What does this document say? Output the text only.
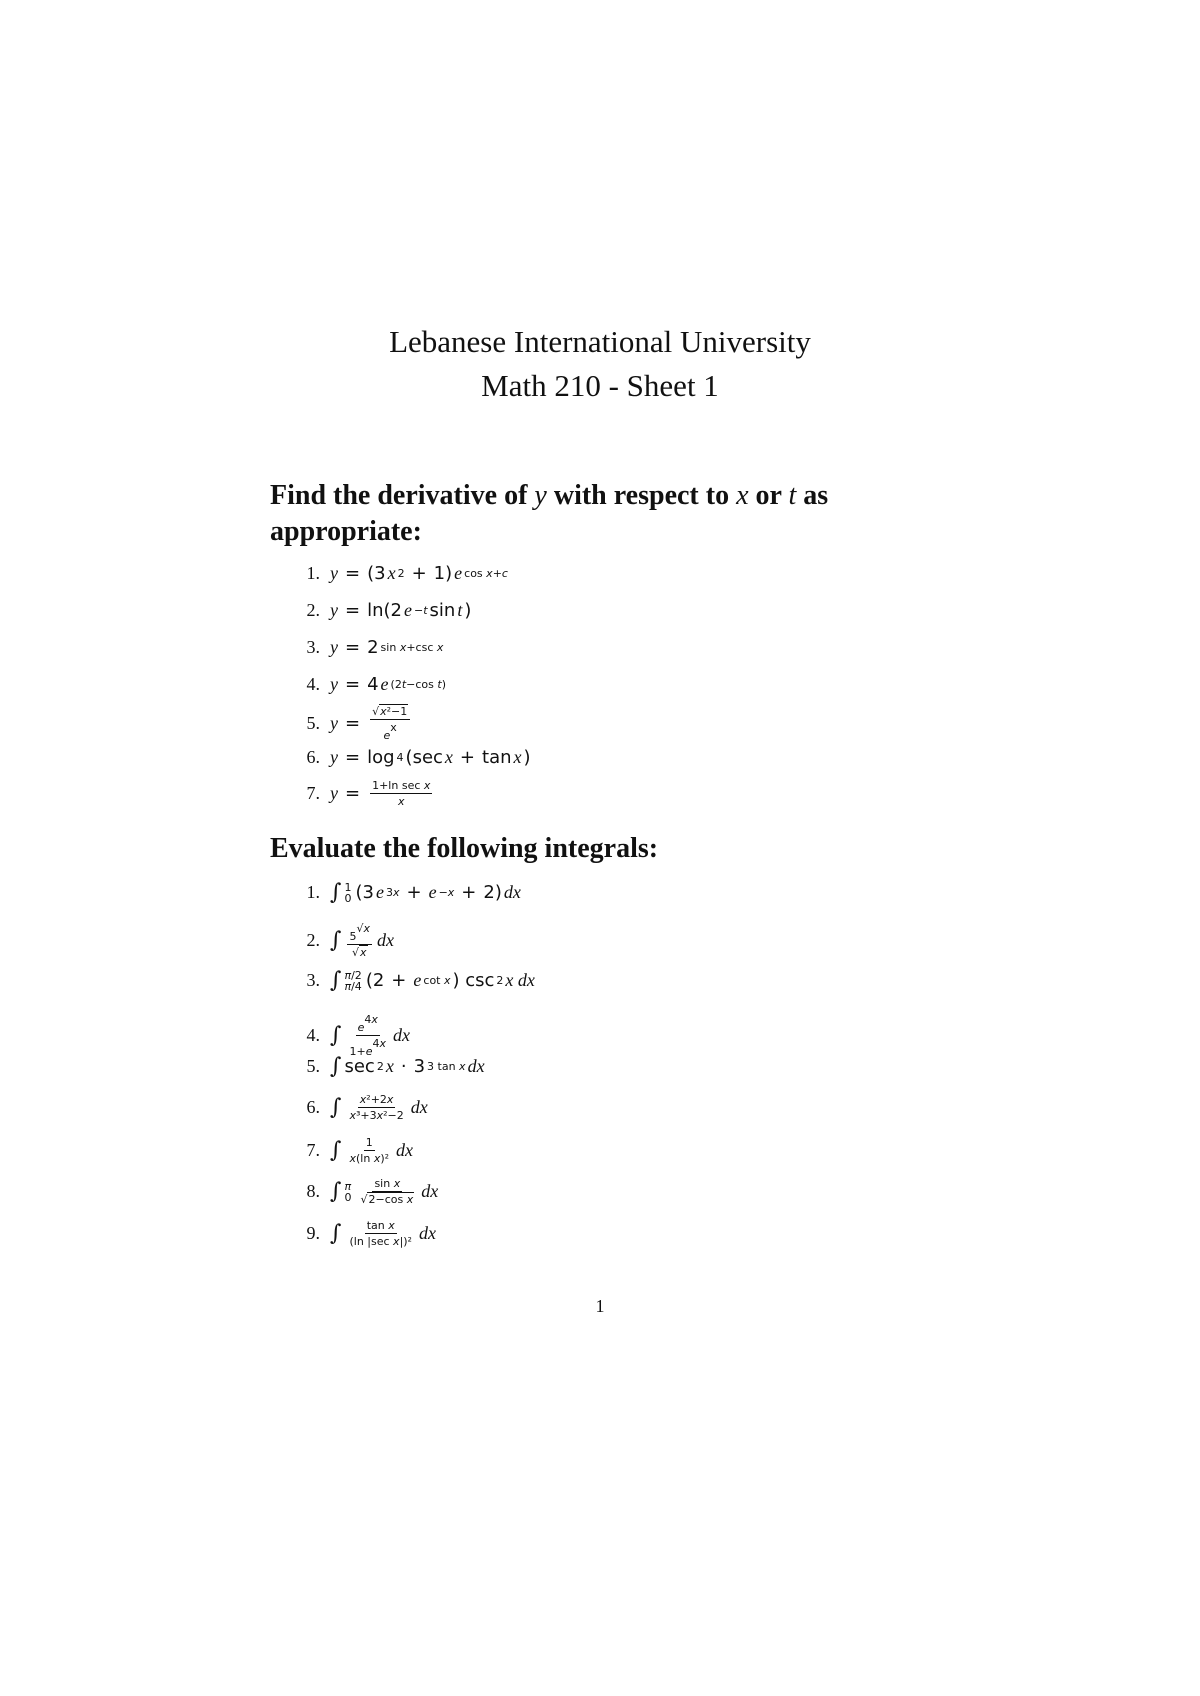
Lebanese International University
Math 210 - Sheet 1
Find the derivative of y with respect to x or t as appropriate:
1. y = (3 x 2 + 1) e cos x+c
2. y = ln(2 e −t sin t )
3. y = 2 sin x+csc x
4. y = 4 e (2t−cos t)
5. $y = \frac{\text{√x²−1}}{e^x}$
6. y = log 4 (sec x + tan x )
7. $y = \frac{\text{1+ln sec x}}{x}$
Evaluate the following integrals:
1. ∫ 1
0 (3 e 3x + e −x + 2) dx
2. ∫ $\frac{5^{√x}}{√x}$ dx
3. ∫ π/2
π/4 (2 + e cot x ) csc 2 x dx
4. ∫ $\frac{e^{4x}}{1+e^{4x}}$ dx
5. ∫ sec 2 x · 3 3 tan x dx
6. ∫ $\frac{\text{x²+2x}}{\text{x³+3x²−2}}$ dx
7. ∫ $\frac{1}{\text{x(ln x)²}}$ dx
8. ∫ π
$0 \frac{\text{sin x}}{\text{√2−cos x}}$ dx
9. ∫ $\frac{\text{tan x}}{\text{(ln |sec x|)²}}$ dx
1
